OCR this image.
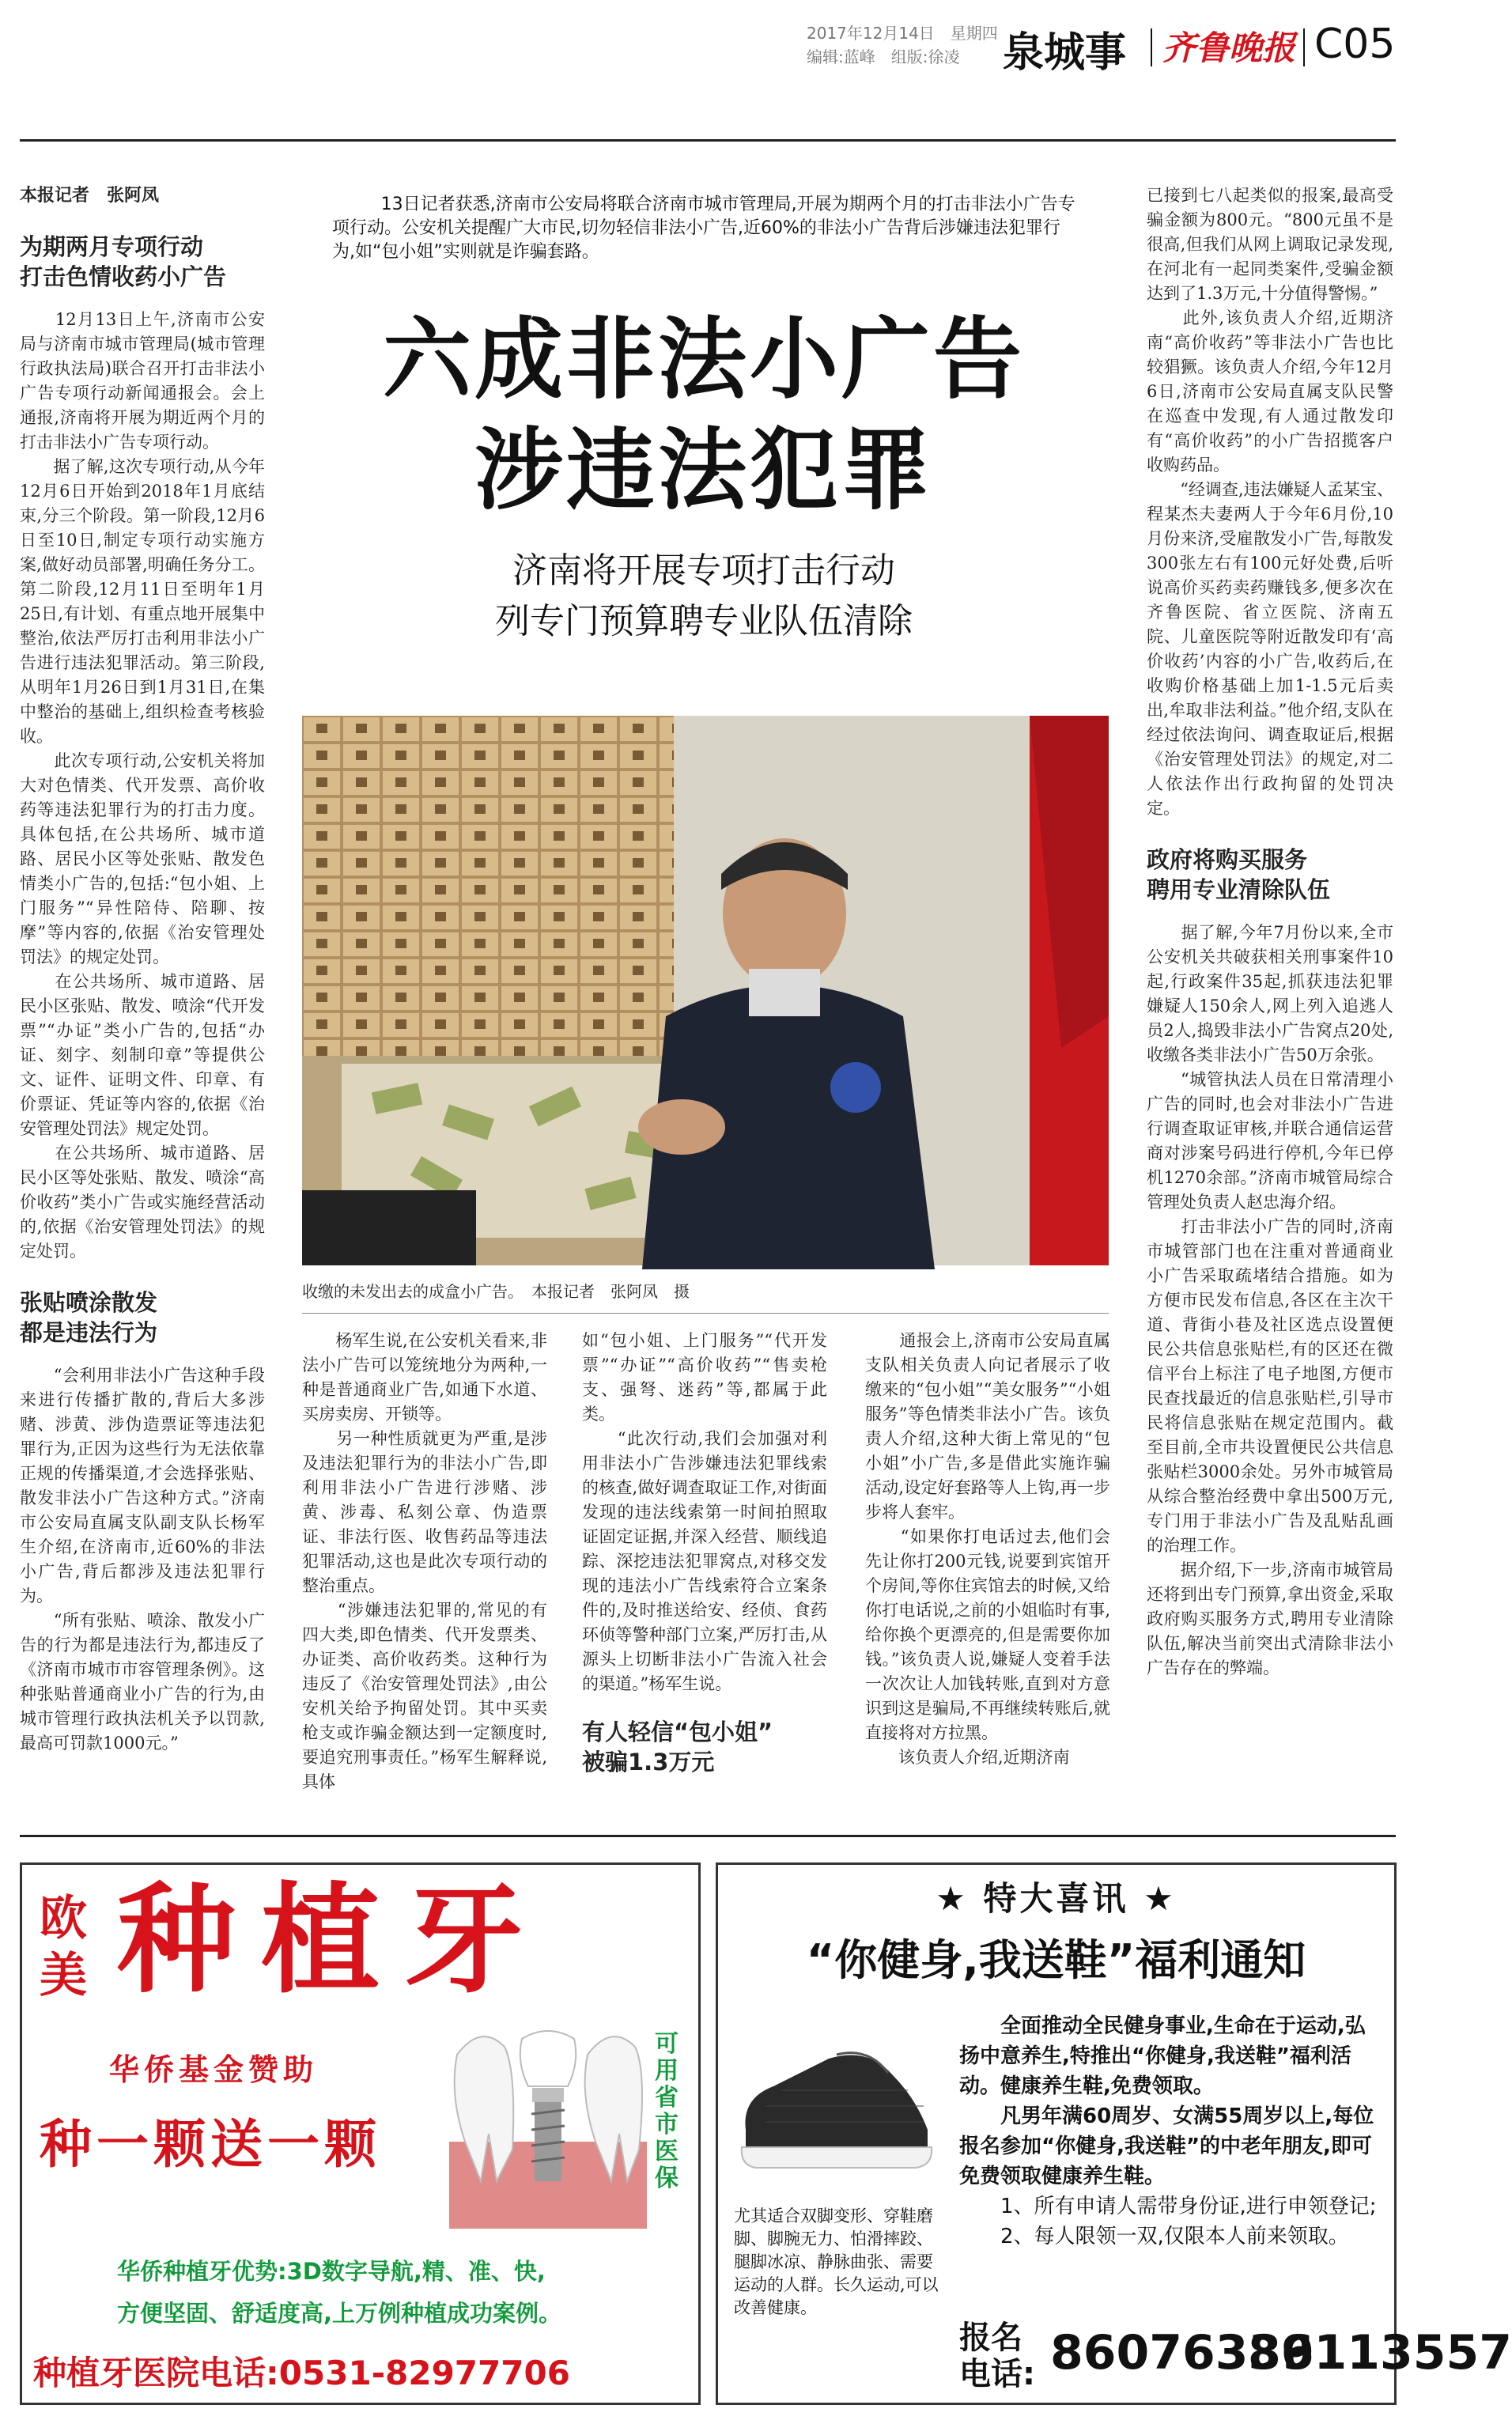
2017年12月14日　星期四
编辑:蓝峰　组版:徐凌 泉城事 齐鲁晚报 C05
本报记者　张阿凤
为期两月专项行动
打击色情收药小广告
　　12月13日上午,济南市公安局与济南市城市管理局(城市管理行政执法局)联合召开打击非法小广告专项行动新闻通报会。会上通报,济南将开展为期近两个月的打击非法小广告专项行动。
　　据了解,这次专项行动,从今年12月6日开始到2018年1月底结束,分三个阶段。第一阶段,12月6日至10日,制定专项行动实施方案,做好动员部署,明确任务分工。第二阶段,12月11日至明年1月25日,有计划、有重点地开展集中整治,依法严厉打击利用非法小广告进行违法犯罪活动。第三阶段,从明年1月26日到1月31日,在集中整治的基础上,组织检查考核验收。
　　此次专项行动,公安机关将加大对色情类、代开发票、高价收药等违法犯罪行为的打击力度。具体包括,在公共场所、城市道路、居民小区等处张贴、散发色情类小广告的,包括:“包小姐、上门服务”“异性陪侍、陪聊、按摩”等内容的,依据《治安管理处罚法》的规定处罚。
　　在公共场所、城市道路、居民小区张贴、散发、喷涂“代开发票”“办证”类小广告的,包括“办证、刻字、刻制印章”等提供公文、证件、证明文件、印章、有价票证、凭证等内容的,依据《治安管理处罚法》规定处罚。
　　在公共场所、城市道路、居民小区等处张贴、散发、喷涂“高价收药”类小广告或实施经营活动的,依据《治安管理处罚法》的规定处罚。
张贴喷涂散发
都是违法行为
　　“会利用非法小广告这种手段来进行传播扩散的,背后大多涉赌、涉黄、涉伪造票证等违法犯罪行为,正因为这些行为无法依靠正规的传播渠道,才会选择张贴、散发非法小广告这种方式。”济南市公安局直属支队副支队长杨军生介绍,在济南市,近60%的非法小广告,背后都涉及违法犯罪行为。
　　“所有张贴、喷涂、散发小广告的行为都是违法行为,都违反了《济南市城市市容管理条例》。这种张贴普通商业小广告的行为,由城市管理行政执法机关予以罚款,最高可罚款1000元。”
13日记者获悉,济南市公安局将联合济南市城市管理局,开展为期两个月的打击非法小广告专项行动。公安机关提醒广大市民,切勿轻信非法小广告,近60%的非法小广告背后涉嫌违法犯罪行为,如“包小姐”实则就是诈骗套路。
六成非法小广告
涉违法犯罪
济南将开展专项打击行动
列专门预算聘专业队伍清除
收缴的未发出去的成盒小广告。　本报记者　张阿凤　摄
已接到七八起类似的报案,最高受骗金额为800元。“800元虽不是很高,但我们从网上调取记录发现,在河北有一起同类案件,受骗金额达到了1.3万元,十分值得警惕。”
　　此外,该负责人介绍,近期济南“高价收药”等非法小广告也比较猖獗。该负责人介绍,今年12月6日,济南市公安局直属支队民警在巡查中发现,有人通过散发印有“高价收药”的小广告招揽客户收购药品。
　　“经调查,违法嫌疑人孟某宝、程某杰夫妻两人于今年6月份,10月份来济,受雇散发小广告,每散发300张左右有100元好处费,后听说高价买药卖药赚钱多,便多次在齐鲁医院、省立医院、济南五院、儿童医院等附近散发印有‘高价收药’内容的小广告,收药后,在收购价格基础上加1-1.5元后卖出,牟取非法利益。”他介绍,支队在经过依法询问、调查取证后,根据《治安管理处罚法》的规定,对二人依法作出行政拘留的处罚决定。
政府将购买服务
聘用专业清除队伍
　　据了解,今年7月份以来,全市公安机关共破获相关刑事案件10起,行政案件35起,抓获违法犯罪嫌疑人150余人,网上列入追逃人员2人,捣毁非法小广告窝点20处,收缴各类非法小广告50万余张。
　　“城管执法人员在日常清理小广告的同时,也会对非法小广告进行调查取证审核,并联合通信运营商对涉案号码进行停机,今年已停机1270余部。”济南市城管局综合管理处负责人赵忠海介绍。
　　打击非法小广告的同时,济南市城管部门也在注重对普通商业小广告采取疏堵结合措施。如为方便市民发布信息,各区在主次干道、背街小巷及社区选点设置便民公共信息张贴栏,有的区还在微信平台上标注了电子地图,方便市民查找最近的信息张贴栏,引导市民将信息张贴在规定范围内。截至目前,全市共设置便民公共信息张贴栏3000余处。另外市城管局从综合整治经费中拿出500万元,专门用于非法小广告及乱贴乱画的治理工作。
　　据介绍,下一步,济南市城管局还将到出专门预算,拿出资金,采取政府购买服务方式,聘用专业清除队伍,解决当前突出式清除非法小广告存在的弊端。
　　杨军生说,在公安机关看来,非法小广告可以笼统地分为两种,一种是普通商业广告,如通下水道、买房卖房、开锁等。
　　另一种性质就更为严重,是涉及违法犯罪行为的非法小广告,即利用非法小广告进行涉赌、涉黄、涉毒、私刻公章、伪造票证、非法行医、收售药品等违法犯罪活动,这也是此次专项行动的整治重点。
　　“涉嫌违法犯罪的,常见的有四大类,即色情类、代开发票类、办证类、高价收药类。这种行为违反了《治安管理处罚法》,由公安机关给予拘留处罚。其中买卖枪支或诈骗金额达到一定额度时,要追究刑事责任。”杨军生解释说,具体
如“包小姐、上门服务”“代开发票”“办证”“高价收药”“售卖枪支、强弩、迷药”等,都属于此类。
　　“此次行动,我们会加强对利用非法小广告涉嫌违法犯罪线索的核查,做好调查取证工作,对街面发现的违法线索第一时间拍照取证固定证据,并深入经营、顺线追踪、深挖违法犯罪窝点,对移交发现的违法小广告线索符合立案条件的,及时推送给安、经侦、食药环侦等警种部门立案,严厉打击,从源头上切断非法小广告流入社会的渠道。”杨军生说。
有人轻信“包小姐”
被骗1.3万元
　　通报会上,济南市公安局直属支队相关负责人向记者展示了收缴来的“包小姐”“美女服务”“小姐服务”等色情类非法小广告。该负责人介绍,这种大街上常见的“包小姐”小广告,多是借此实施诈骗活动,设定好套路等人上钩,再一步步将人套牢。
　　“如果你打电话过去,他们会先让你打200元钱,说要到宾馆开个房间,等你住宾馆去的时候,又给你打电话说,之前的小姐临时有事,给你换个更漂亮的,但是需要你加钱。”该负责人说,嫌疑人变着手法一次次让人加钱转账,直到对方意识到这是骗局,不再继续转账后,就直接将对方拉黑。
　　该负责人介绍,近期济南
欧
美 种植牙
华侨基金赞助
种一颗送一颗
可用省市医保
华侨种植牙优势:3D数字导航,精、准、快,
方便坚固、舒适度高,上万例种植成功案例。
种植牙医院电话:0531-82977706
★ 特大喜讯 ★
“你健身,我送鞋”福利通知
尤其适合双脚变形、穿鞋磨脚、脚腕无力、怕滑摔跤、腿脚冰凉、静脉曲张、需要运动的人群。长久运动,可以改善健康。
全面推动全民健身事业,生命在于运动,弘扬中意养生,特推出“你健身,我送鞋”福利活动。健康养生鞋,免费领取。
凡男年满60周岁、女满55周岁以上,每位报名参加“你健身,我送鞋”的中老年朋友,即可免费领取健康养生鞋。
1、所有申请人需带身份证,进行申领登记;
2、每人限领一双,仅限本人前来领取。
报名
电话: 86076339
86113557
